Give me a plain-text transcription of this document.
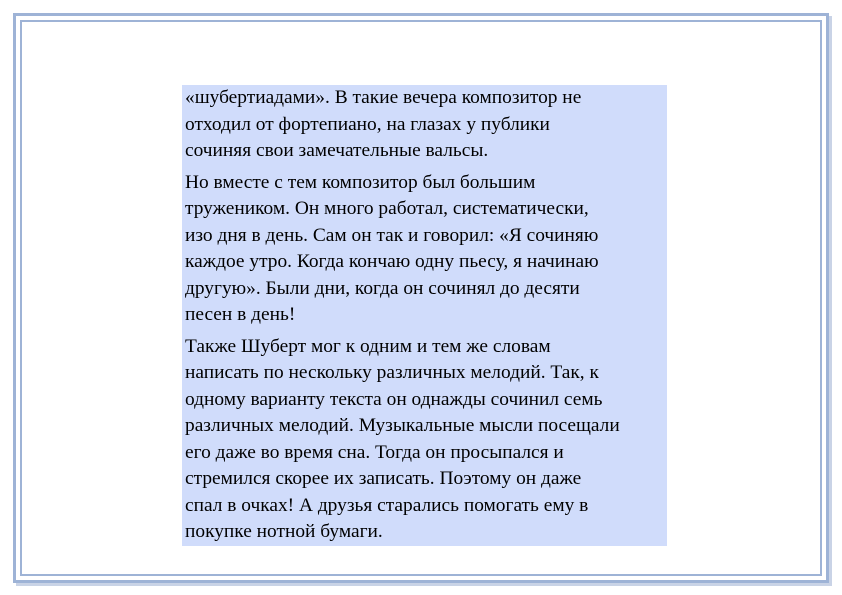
«шубертиадами». В такие вечера композитор не
отходил от фортепиано, на глазах у публики
сочиняя свои замечательные вальсы.

Но вместе с тем композитор был большим
тружеником. Он много работал, систематически,
изо дня в день. Сам он так и говорил: «Я сочиняю
каждое утро. Когда кончаю одну пьесу, я начинаю
другую». Были дни, когда он сочинял до десяти
песен в день!

Также Шуберт мог к одним и тем же словам
написать по нескольку различных мелодий. Так, к
одному варианту текста он однажды сочинил семь
различных мелодий. Музыкальные мысли посещали
его даже во время сна. Тогда он просыпался и
стремился скорее их записать. Поэтому он даже
спал в очках! А друзья старались помогать ему в
покупке нотной бумаги.
